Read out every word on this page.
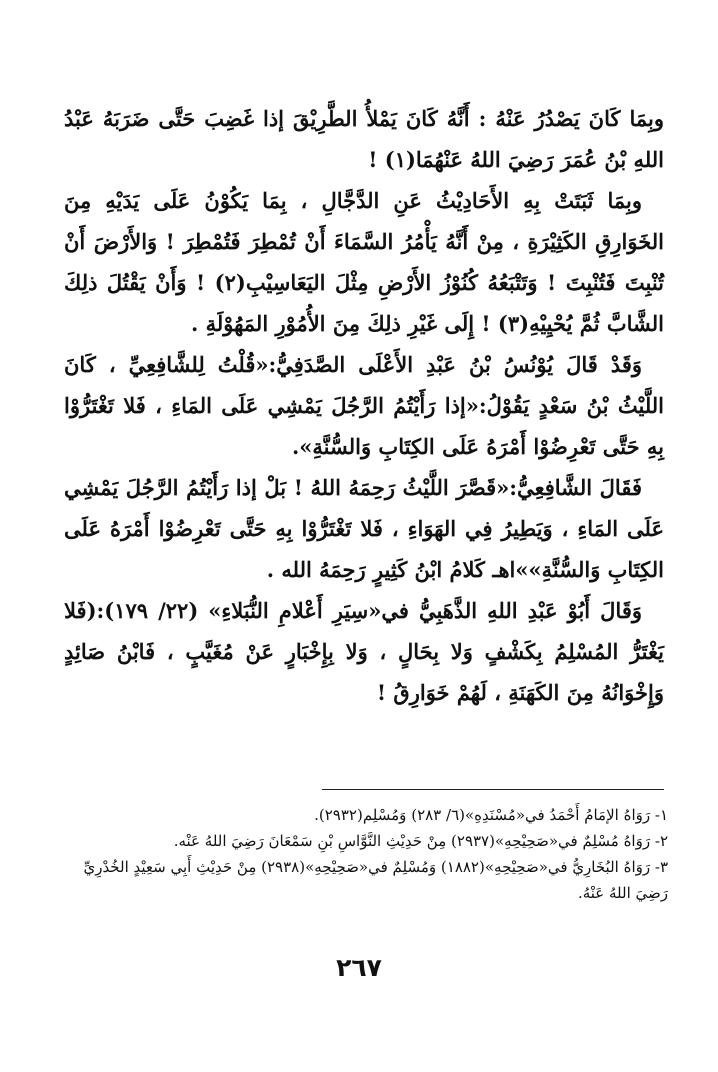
وبِمَا كَانَ يَصْدُرُ عَنْهُ : أَنَّهُ كَانَ يَمْلأُ الطَّرِيْقَ إذا غَضِبَ حَتَّى ضَرَبَهُ عَبْدُ اللهِ بْنُ عُمَرَ رَضِيَ اللهُ عَنْهُمَا(١) !

وبِمَا ثَبَتَتْ بِهِ الأَحَادِيْثُ عَنِ الدَّجَّالِ ، بِمَا يَكُوْنُ عَلَى يَدَيْهِ مِنَ الخَوَارِقِ الكَثِيْرَةِ ، مِنْ أَنَّهُ يَأْمُرُ السَّمَاءَ أَنْ تُمْطِرَ فَتُمْطِرَ ! وَالأَرْضَ أَنْ تُنْبِتَ فَتُنْبِتَ ! وَتَتْبَعُهُ كُنُوْزُ الأَرْضِ مِثْلَ اليَعَاسِيْبِ(٢) ! وَأَنْ يَقْتُلَ ذلِكَ الشَّابَّ ثُمَّ يُحْيِيْهِ(٣) ! إِلَى غَيْرِ ذلِكَ مِنَ الأُمُوْرِ المَهُوْلَةِ .

وَقَدْ قَالَ يُوْنُسُ بْنُ عَبْدِ الأَعْلَى الصَّدَفِيُّ:«قُلْتُ لِلشَّافِعِيِّ ، كَانَ اللَّيْثُ بْنُ سَعْدٍ يَقُوْلُ:«إذا رَأَيْتُمُ الرَّجُلَ يَمْشِي عَلَى المَاءِ ، فَلا تَغْتَرُّوْا بِهِ حَتَّى تَعْرِضُوْا أَمْرَهُ عَلَى الكِتَابِ وَالسُّنَّةِ».

فَقَالَ الشَّافِعِيُّ:«قَصَّرَ اللَّيْثُ رَحِمَهُ اللهُ ! بَلْ إذا رَأَيْتُمُ الرَّجُلَ يَمْشِي عَلَى المَاءِ ، وَيَطِيرُ فِي الهَوَاءِ ، فَلا تَغْتَرُّوْا بِهِ حَتَّى تَعْرِضُوْا أَمْرَهُ عَلَى الكِتَابِ وَالسُّنَّةِ»»اهـ كَلامُ ابْنُ كَثِيرٍ رَحِمَهُ الله .

وَقَالَ أَبُوْ عَبْدِ اللهِ الذَّهَبِيُّ في«سِيَرِ أَعْلامِ النُّبَلاءِ» (٢٢/ ١٧٩):(فَلا يَغْتَرُّ المُسْلِمُ بِكَشْفٍ وَلا بِحَالٍ ، وَلا بِإِخْبَارٍ عَنْ مُغَيَّبٍ ، فَابْنُ صَائِدٍ وَإِخْوَانُهُ مِنَ الكَهَنَةِ ، لَهُمْ خَوَارِقُ !

١- رَوَاهُ الإمَامُ أَحْمَدُ في«مُسْنَدِهِ»(٦/ ٢٨٣) وَمُسْلِم(٢٩٣٢).

٢- رَوَاهُ مُسْلِمٌ في«صَحِيْحِهِ»(٢٩٣٧) مِنْ حَدِيْثِ النَّوَّاسِ بْنِ سَمْعَانَ رَضِيَ اللهُ عَنْه.

٣- رَوَاهُ البُخَارِيُّ في«صَحِيْحِهِ»(١٨٨٢) وَمُسْلِمٌ في«صَحِيْحِهِ»(٢٩٣٨) مِنْ حَدِيْثِ أَبِي سَعِيْدٍ الخُدْرِيِّ رَضِيَ اللهُ عَنْهُ.

٢٦٧
